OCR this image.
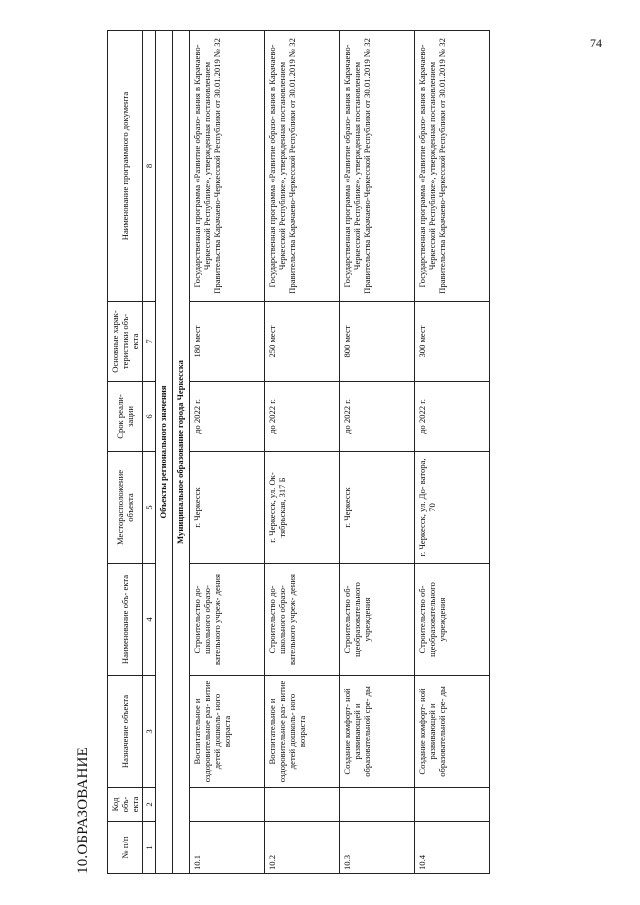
74
10.ОБРАЗОВАНИЕ	№ п/п	Код объ- екта	Назначение объекта	Наименование объ- екта	Месторасположение объекта	Срок реали- зации	Основные харак- теристики объ- екта	Наименование программного документа
1	2	3	4	5	6	7	8
Объекты регионального значения							
Муниципальное образование города Черкесска							
10.1		Воспитательное и оздоровительное раз- витие детей дошколь- ного возраста	Строительство до- школьного образо- вательного учреж- дения	г. Черкесск	до 2022 г.	180 мест	Государственная программа «Развитие образо- вания в Карачаево-Черкесской Республике», утвержденная постановлением Правительства Карачаево-Черкесской Республики от 30.01.2019 № 32
10.2		Воспитательное и оздоровительное раз- витие детей дошколь- ного возраста	Строительство до- школьного образо- вательного учреж- дения	г. Черкесск, ул. Ок- тябрьская, 317 Б	до 2022 г.	250 мест	Государственная программа «Развитие образо- вания в Карачаево-Черкесской Республике», утвержденная постановлением Правительства Карачаево-Черкесской Республики от 30.01.2019 № 32
10.3		Создание комфорт- ной развивающей и образовательной сре- ды	Строительство об- щеобразовательного учреждения	г. Черкесск	до 2022 г.	800 мест	Государственная программа «Развитие образо- вания в Карачаево-Черкесской Республике», утвержденная постановлением Правительства Карачаево-Черкесской Республики от 30.01.2019 № 32
10.4		Создание комфорт- ной развивающей и образовательной сре- ды	Строительство об- щеобразовательного учреждения	г. Черкесск, ул. До- ватора, 70	до 2022 г.	300 мест	Государственная программа «Развитие образо- вания в Карачаево-Черкесской Республике», утвержденная постановлением Правительства Карачаево-Черкесской Республики от 30.01.2019 № 32
